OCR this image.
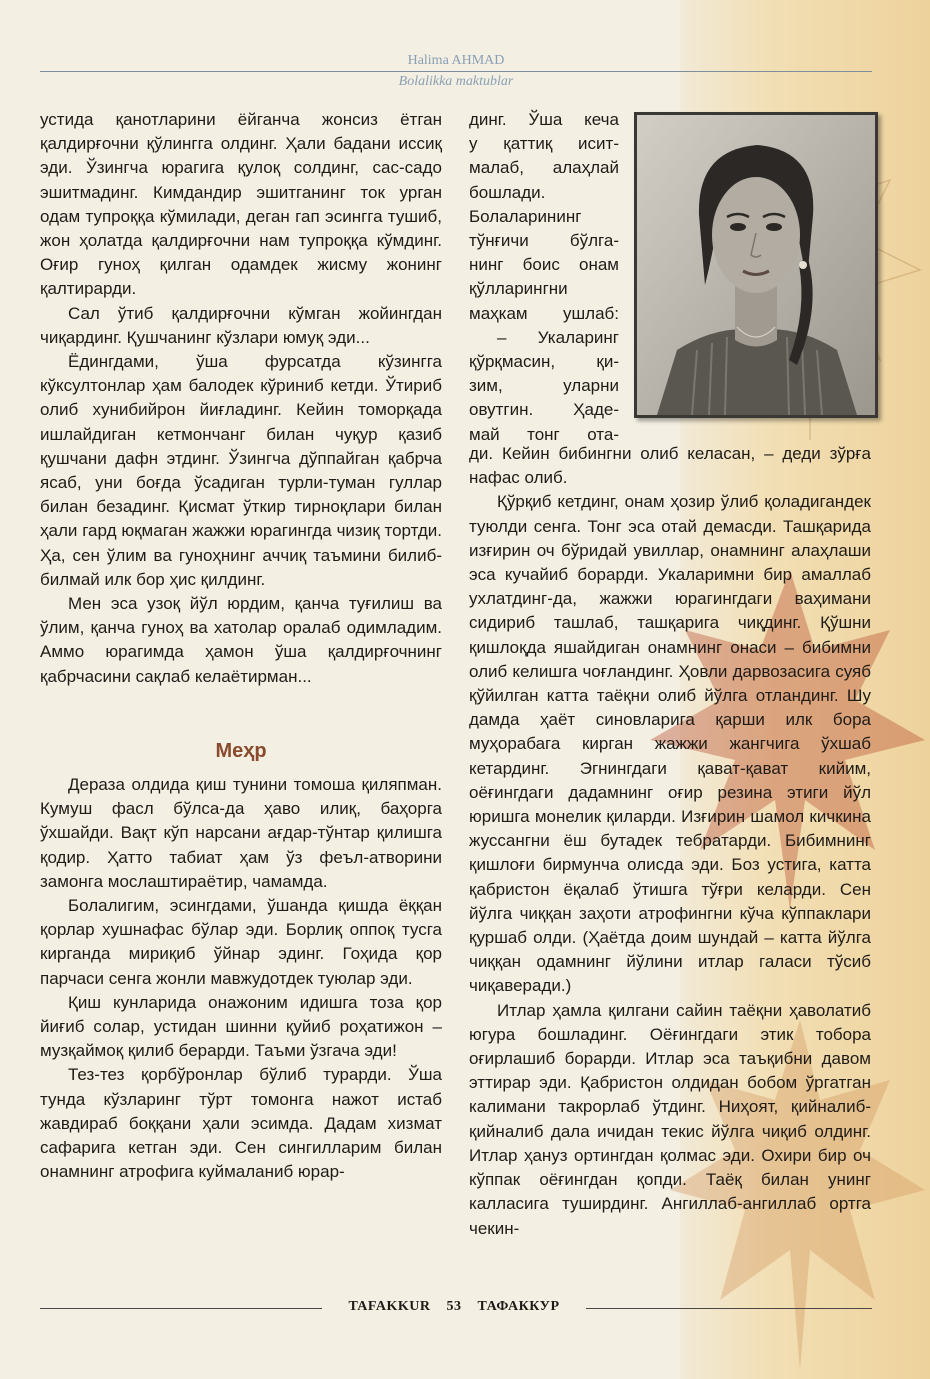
Halima AHMAD
Bolalikka maktublar

устида қанотларини ёйганча жонсиз ётган қалдирғочни қўлингга олдинг. Ҳали бадани иссиқ эди. Ўзингча юрагига қулоқ солдинг, сас-садо эшитмадинг. Кимдандир эшитганинг ток урган одам тупроққа кўмилади, деган гап эсингга тушиб, жон ҳолатда қалдирғочни нам тупроққа кўмдинг. Оғир гуноҳ қилган одамдек жисму жонинг қалтирарди.

Сал ўтиб қалдирғочни кўмган жойингдан чиқардинг. Қушчанинг кўзлари юмуқ эди...

Ёдингдами, ўша фурсатда кўзингга кўксултонлар ҳам балодек кўриниб кетди. Ўтириб олиб хунибийрон йиғладинг. Кейин томорқада ишлайдиган кетмончанг билан чуқур қазиб қушчани дафн этдинг. Ўзингча дўппайган қабрча ясаб, уни боғда ўсадиган турли-туман гуллар билан безадинг. Қисмат ўткир тирноқлари билан ҳали гард юқмаган жажжи юрагингда чизиқ тортди. Ҳа, сен ўлим ва гуноҳнинг аччиқ таъмини билиб-билмай илк бор ҳис қилдинг.

Мен эса узоқ йўл юрдим, қанча туғилиш ва ўлим, қанча гуноҳ ва хатолар оралаб одимладим. Аммо юрагимда ҳамон ўша қалдирғочнинг қабрчасини сақлаб келаётирман...

Меҳр

Дераза олдида қиш тунини томоша қиляпман. Кумуш фасл бўлса-да ҳаво илиқ, баҳорга ўхшайди. Вақт кўп нарсани ағдар-тўнтар қилишга қодир. Ҳатто табиат ҳам ўз феъл-атворини замонга мослаштираётир, чамамда.

Болалигим, эсингдами, ўшанда қишда ёққан қорлар хушнафас бўлар эди. Борлиқ оппоқ тусга кирганда мириқиб ўйнар эдинг. Гоҳида қор парчаси сенга жонли мавжудотдек туюлар эди.

Қиш кунларида онажоним идишга тоза қор йиғиб солар, устидан шинни қуйиб роҳатижон – музқаймоқ қилиб берарди. Таъми ўзгача эди!

Тез-тез қорбўронлар бўлиб турарди. Ўша тунда кўзларинг тўрт томонга нажот истаб жавдираб боққани ҳали эсимда. Дадам хизмат сафарига кетган эди. Сен сингилларим билан онамнинг атрофига куймаланиб юрар-

динг. Ўша кеча
у қаттиқ исит-
малаб, алаҳлай
бошлади.
Болаларининг
тўнғичи бўлга-
нинг боис онам
қўлларингни
маҳкам ушлаб:
– Укаларинг
қўрқмасин, қи-
зим, уларни
овутгин. Ҳаде-
май тонг ота-

ди. Кейин бибингни олиб келасан, – деди зўрға нафас олиб.

Қўрқиб кетдинг, онам ҳозир ўлиб қоладигандек туюлди сенга. Тонг эса отай демасди. Ташқарида изғирин оч бўридай увиллар, онамнинг алаҳлаши эса кучайиб борарди. Укаларимни бир амаллаб ухлатдинг-да, жажжи юрагингдаги ваҳимани сидириб ташлаб, ташқарига чиқдинг. Қўшни қишлоқда яшайдиган онамнинг онаси – бибимни олиб келишга чоғландинг. Ҳовли дарвозасига суяб қўйилган катта таёқни олиб йўлга отландинг. Шу дамда ҳаёт синовларига қарши илк бора муҳорабага кирган жажжи жангчига ўхшаб кетардинг. Эгнингдаги қават-қават кийим, оёғингдаги дадамнинг оғир резина этиги йўл юришга монелик қиларди. Изғирин шамол кичкина жуссангни ёш бутадек тебратарди. Бибимнинг қишлоғи бирмунча олисда эди. Боз устига, катта қабристон ёқалаб ўтишга тўғри келарди. Сен йўлга чиққан заҳоти атрофингни кўча кўппаклари қуршаб олди. (Ҳаётда доим шундай – катта йўлга чиққан одамнинг йўлини итлар галаси тўсиб чиқаверади.)

Итлар ҳамла қилгани сайин таёқни ҳаволатиб югура бошладинг. Оёғингдаги этик тобора оғирлашиб борарди. Итлар эса таъқибни давом эттирар эди. Қабристон олдидан бобом ўргатган калимани такрорлаб ўтдинг. Ниҳоят, қийналиб-қийналиб дала ичидан текис йўлга чиқиб олдинг. Итлар ҳануз ортингдан қолмас эди. Охири бир оч кўппак оёғингдан қопди. Таёқ билан унинг калласига туширдинг. Ангиллаб-ангиллаб ортга чекин-

TAFAKKUR 53 ТАФАККУР
